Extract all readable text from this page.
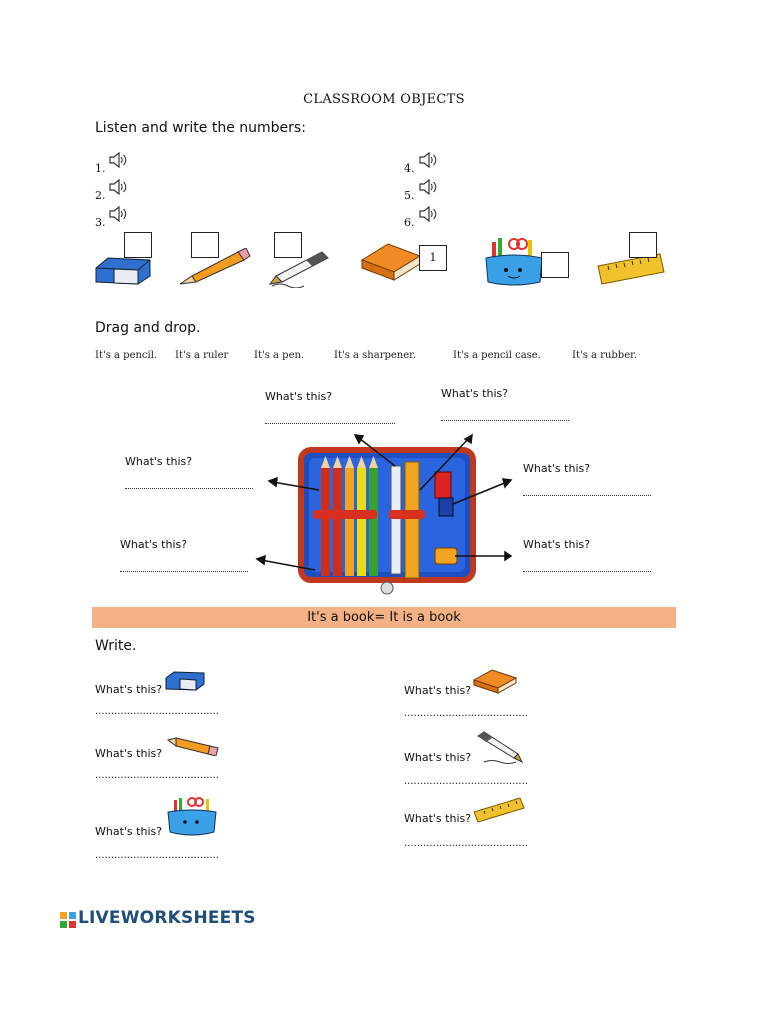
CLASSROOM OBJECTS
Listen and write the numbers:
1.
2.
3.
4.
5.
6.
1
Drag and drop.
It's a pencil. It's a ruler	It's a pen.	It's a sharpener.	It's a pencil case.	It's a rubber.
What's this?	What's this?
What's this?
What's this?
What's this?	What's this?
It's a book= It is a book
Write.
What's this?
.......................................
What's this?
.......................................
What's this?
.......................................
What's this?
.......................................
What's this?
.......................................
What's this?
.......................................
LIVEWORKSHEETS
